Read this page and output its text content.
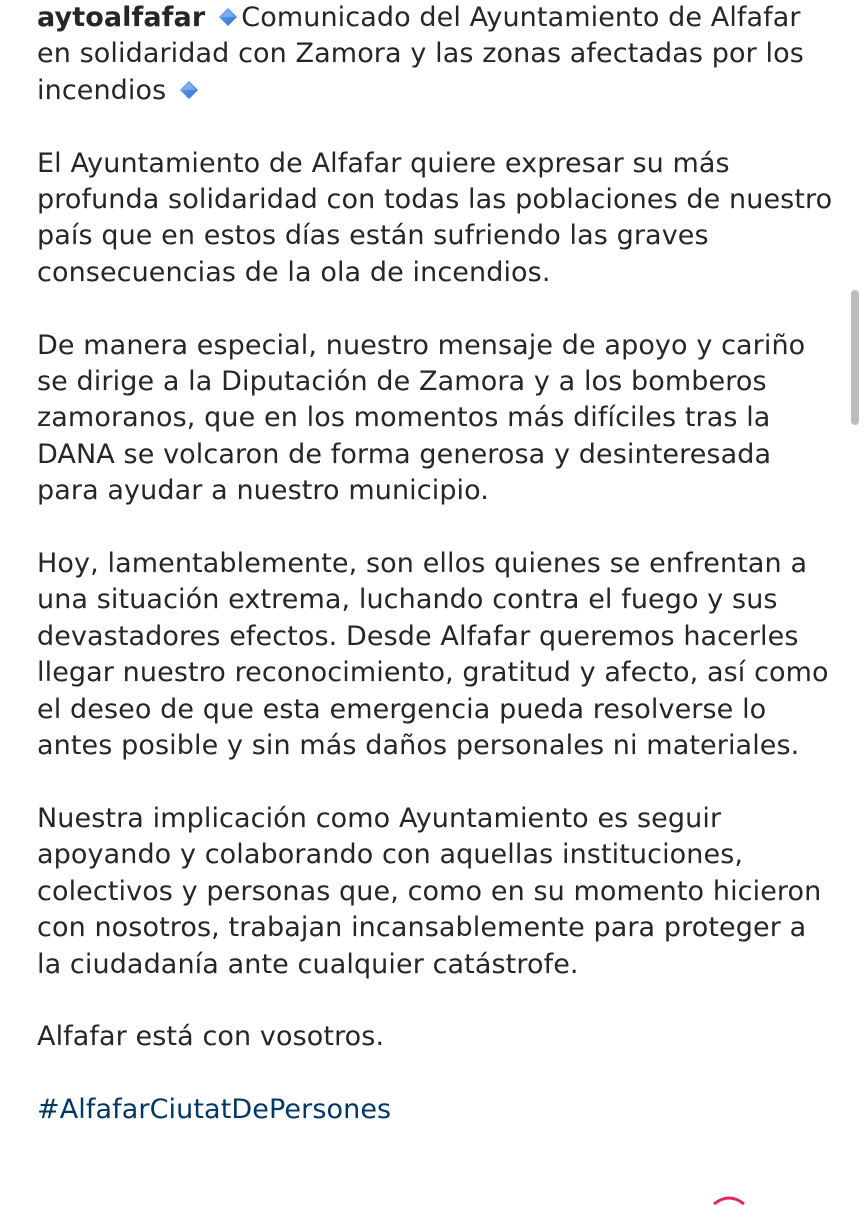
aytoalfafar Comunicado del Ayuntamiento de Alfafar en solidaridad con Zamora y las zonas afectadas por los incendios

El Ayuntamiento de Alfafar quiere expresar su más profunda solidaridad con todas las poblaciones de nuestro país que en estos días están sufriendo las graves consecuencias de la ola de incendios.

De manera especial, nuestro mensaje de apoyo y cariño se dirige a la Diputación de Zamora y a los bomberos zamoranos, que en los momentos más difíciles tras la DANA se volcaron de forma generosa y desinteresada para ayudar a nuestro municipio.

Hoy, lamentablemente, son ellos quienes se enfrentan a una situación extrema, luchando contra el fuego y sus devastadores efectos. Desde Alfafar queremos hacerles llegar nuestro reconocimiento, gratitud y afecto, así como el deseo de que esta emergencia pueda resolverse lo antes posible y sin más daños personales ni materiales.

Nuestra implicación como Ayuntamiento es seguir apoyando y colaborando con aquellas instituciones, colectivos y personas que, como en su momento hicieron con nosotros, trabajan incansablemente para proteger a la ciudadanía ante cualquier catástrofe.

Alfafar está con vosotros.

#AlfafarCiutatDePersones
